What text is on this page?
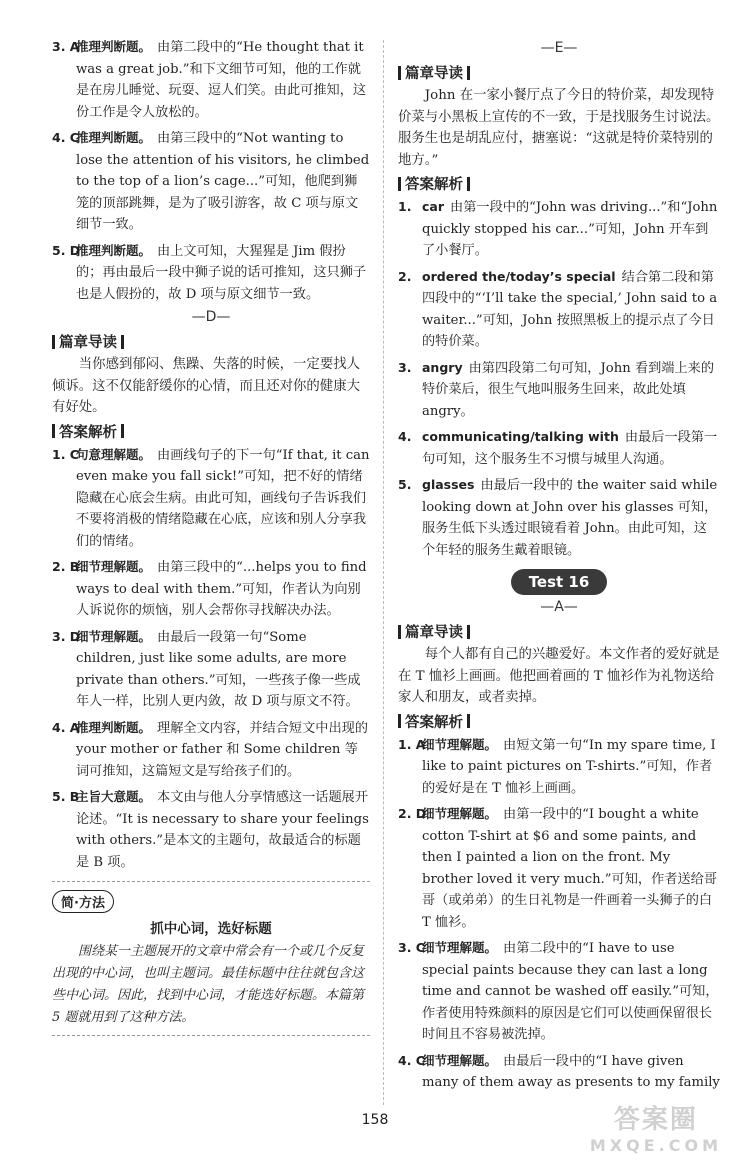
3. A
推理判断题。 由第二段中的“He thought that it was a great job.”和下文细节可知，他的工作就是在房儿睡觉、玩耍、逗人们笑。由此可推知，这份工作是令人放松的。
4. C
推理判断题。 由第三段中的“Not wanting to lose the attention of his visitors, he climbed to the top of a lion’s cage...”可知，他爬到狮笼的顶部跳舞，是为了吸引游客，故 C 项与原文细节一致。
5. D
推理判断题。 由上文可知，大猩猩是 Jim 假扮的；再由最后一段中狮子说的话可推知，这只狮子也是人假扮的，故 D 项与原文细节一致。
—D—
篇章导读

当你感到郁闷、焦躁、失落的时候，一定要找人倾诉。这不仅能舒缓你的心情，而且还对你的健康大有好处。

答案解析
1. C
句意理解题。 由画线句子的下一句“If that, it can even make you fall sick!”可知，把不好的情绪隐藏在心底会生病。由此可知，画线句子告诉我们不要将消极的情绪隐藏在心底，应该和别人分享我们的情绪。
2. B
细节理解题。 由第三段中的“...helps you to find ways to deal with them.”可知，作者认为向别人诉说你的烦恼，别人会帮你寻找解决办法。
3. D
细节理解题。 由最后一段第一句“Some children, just like some adults, are more private than others.”可知，一些孩子像一些成年人一样，比别人更内敛，故 D 项与原文不符。
4. A
推理判断题。 理解全文内容，并结合短文中出现的 your mother or father 和 Some children 等词可推知，这篇短文是写给孩子们的。
5. B
主旨大意题。 本文由与他人分享情感这一话题展开论述。“It is necessary to share your feelings with others.”是本文的主题句，故最适合的标题是 B 项。
简·方法
抓中心词，选好标题

围绕某一主题展开的文章中常会有一个或几个反复出现的中心词，也叫主题词。最佳标题中往往就包含这些中心词。因此，找到中心词，才能选好标题。本篇第 5 题就用到了这种方法。

—E—
篇章导读

John 在一家小餐厅点了今日的特价菜，却发现特价菜与小黑板上宣传的不一致，于是找服务生讨说法。服务生也是胡乱应付，搪塞说：“这就是特价菜特别的地方。”

答案解析
1. car 由第一段中的“John was driving...”和“John quickly stopped his car...”可知，John 开车到了小餐厅。
2. ordered the/today’s special 结合第二段和第四段中的“‘I’ll take the special,’ John said to a waiter...”可知，John 按照黑板上的提示点了今日的特价菜。
3. angry 由第四段第二句可知，John 看到端上来的特价菜后，很生气地叫服务生回来，故此处填 angry。
4. communicating/talking with 由最后一段第一句可知，这个服务生不习惯与城里人沟通。
5. glasses 由最后一段中的 the waiter said while looking down at John over his glasses 可知，服务生低下头透过眼镜看着 John。由此可知，这个年轻的服务生戴着眼镜。
Test 16
—A—
篇章导读

每个人都有自己的兴趣爱好。本文作者的爱好就是在 T 恤衫上画画。他把画着画的 T 恤衫作为礼物送给家人和朋友，或者卖掉。

答案解析
1. A
细节理解题。 由短文第一句“In my spare time, I like to paint pictures on T-shirts.”可知，作者的爱好是在 T 恤衫上画画。
2. D
细节理解题。 由第一段中的“I bought a white cotton T-shirt at $6 and some paints, and then I painted a lion on the front. My brother loved it very much.”可知，作者送给哥哥（或弟弟）的生日礼物是一件画着一头狮子的白 T 恤衫。
3. C
细节理解题。 由第二段中的“I have to use special paints because they can last a long time and cannot be washed off easily.”可知，作者使用特殊颜料的原因是它们可以使画保留很长时间且不容易被洗掉。
4. C
细节理解题。 由最后一段中的“I have given many of them away as presents to my family
158	答案圈
MXQE.COM
